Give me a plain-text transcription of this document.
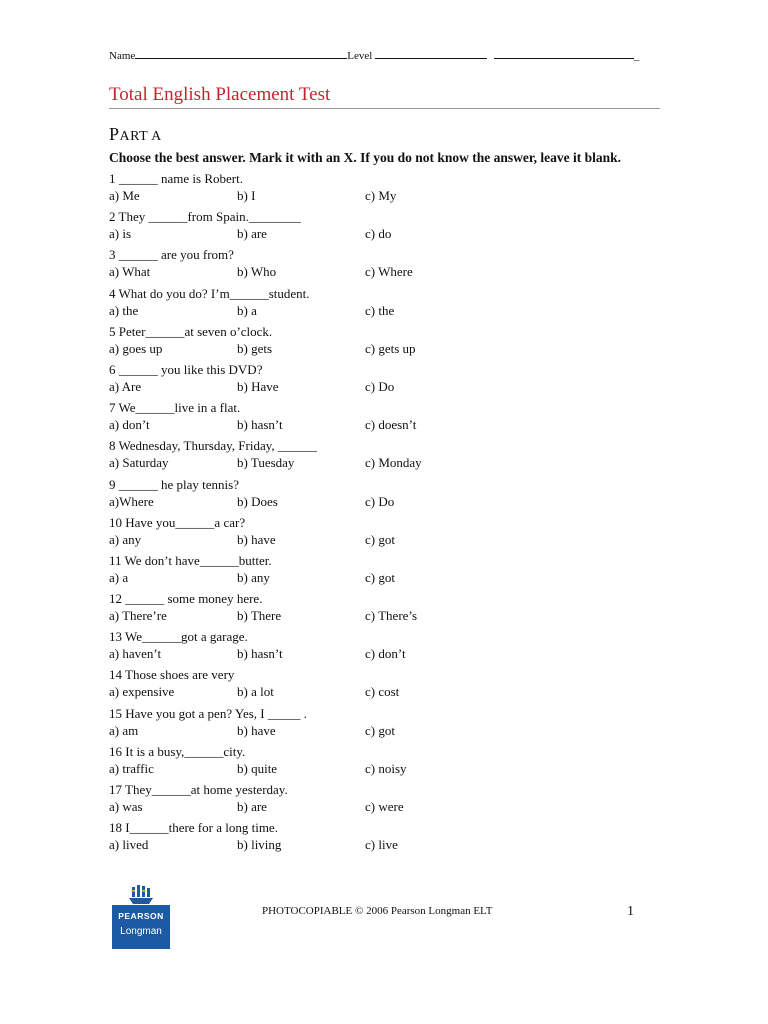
Name	Level	_
Total English Placement Test
PART A
Choose the best answer. Mark it with an X. If you do not know the answer, leave it blank.
1 ______ name is Robert.
a) Me	b) I	c) My
2 They ______from Spain.________
a) is	b) are	c) do
3 ______ are you from?
a) What	b) Who	c) Where
4 What do you do? I’m______student.
a) the	b) a	c) the
5 Peter______at seven o’clock.
a) goes up	b) gets	c) gets up
6 ______ you like this DVD?
a) Are	b) Have	c) Do
7 We______live in a flat.
a) don’t	b) hasn’t	c) doesn’t
8 Wednesday, Thursday, Friday, ______
a) Saturday	b) Tuesday	c) Monday
9 ______ he play tennis?
a)Where	b) Does	c) Do
10 Have you______a car?
a) any	b) have	c) got
11 We don’t have______butter.
a) a	b) any	c) got
12 ______ some money here.
a) There’re	b) There	c) There’s
13 We______got a garage.
a) haven’t	b) hasn’t	c) don’t
14 Those shoes are very
a) expensive	b) a lot	c) cost
15 Have you got a pen? Yes, I _____ .
a) am	b) have	c) got
16 It is a busy,______city.
a) traffic	b) quite	c) noisy
17 They______at home yesterday.
a) was	b) are	c) were
18 I______there for a long time.
a) lived	b) living	c) live
PEARSON
Longman
PHOTOCOPIABLE © 2006 Pearson Longman ELT	1
